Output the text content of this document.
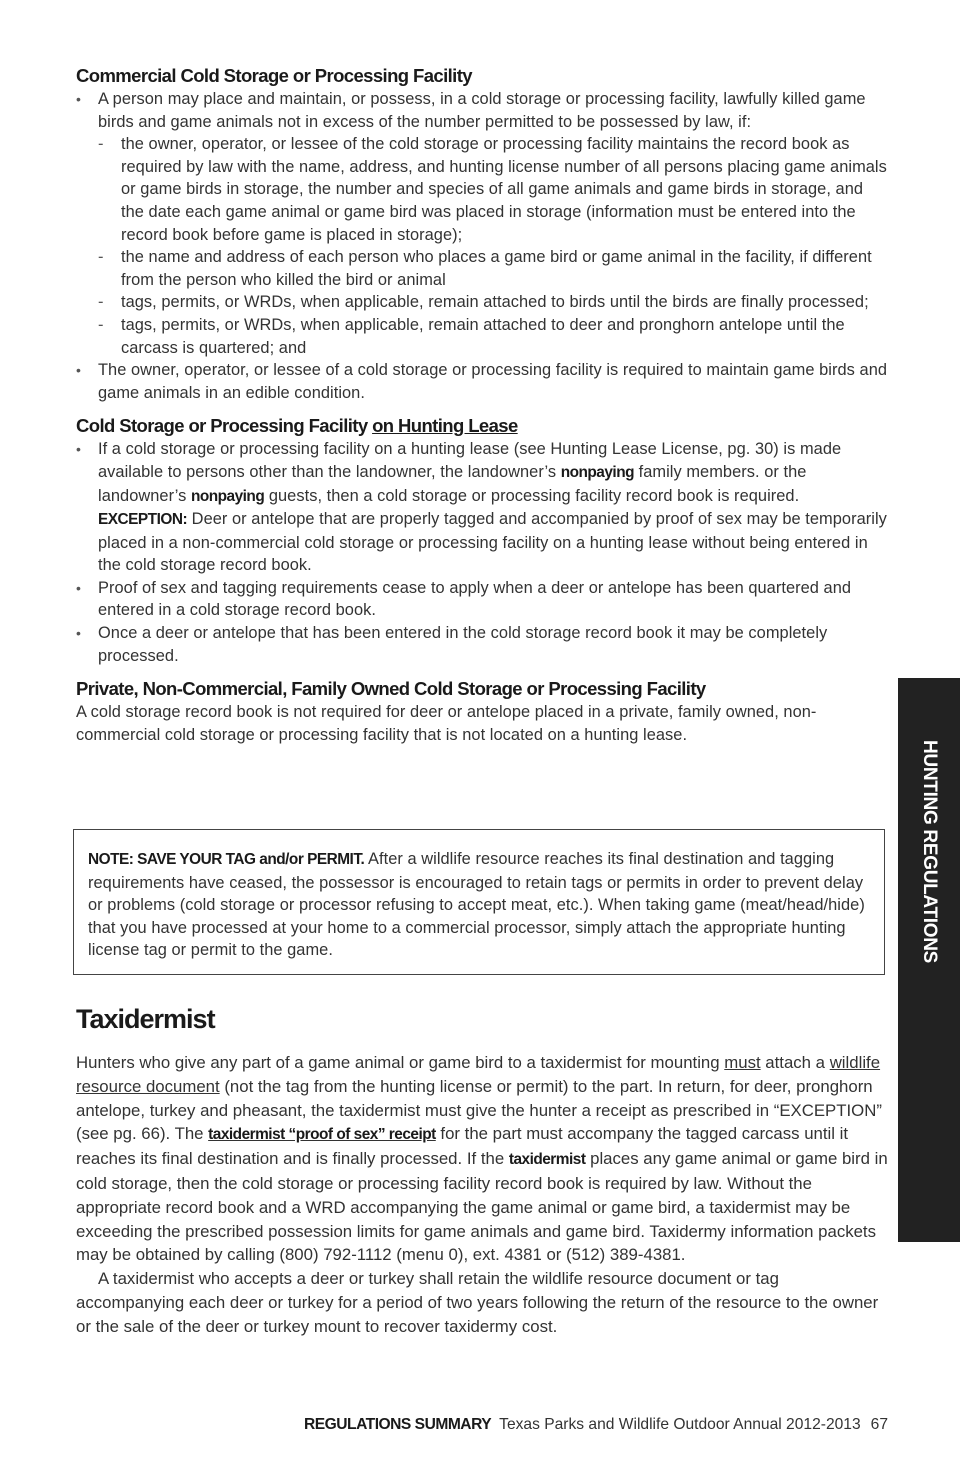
Commercial Cold Storage or Processing Facility
• A person may place and maintain, or possess, in a cold storage or processing facility, lawfully killed game birds and game animals not in excess of the number permitted to be possessed by law, if:
- the owner, operator, or lessee of the cold storage or processing facility maintains the record book as required by law with the name, address, and hunting license number of all persons placing game animals or game birds in storage, the number and species of all game animals and game birds in storage, and the date each game animal or game bird was placed in storage (information must be entered into the record book before game is placed in storage);
- the name and address of each person who places a game bird or game animal in the facility, if different from the person who killed the bird or animal
- tags, permits, or WRDs, when applicable, remain attached to birds until the birds are finally processed;
- tags, permits, or WRDs, when applicable, remain attached to deer and pronghorn antelope until the carcass is quartered; and
• The owner, operator, or lessee of a cold storage or processing facility is required to maintain game birds and game animals in an edible condition.
Cold Storage or Processing Facility on Hunting Lease
• If a cold storage or processing facility on a hunting lease (see Hunting Lease License, pg. 30) is made available to persons other than the landowner, the landowner’s nonpaying family members. or the landowner’s nonpaying guests, then a cold storage or processing facility record book is required. EXCEPTION: Deer or antelope that are properly tagged and accompanied by proof of sex may be temporarily placed in a non-commercial cold storage or processing facility on a hunting lease without being entered in the cold storage record book.
• Proof of sex and tagging requirements cease to apply when a deer or antelope has been quartered and entered in a cold storage record book.
• Once a deer or antelope that has been entered in the cold storage record book it may be completely processed.
Private, Non-Commercial, Family Owned Cold Storage or Processing Facility
A cold storage record book is not required for deer or antelope placed in a private, family owned, non-commercial cold storage or processing facility that is not located on a hunting lease.
NOTE: SAVE YOUR TAG and/or PERMIT. After a wildlife resource reaches its final destination and tagging requirements have ceased, the possessor is encouraged to retain tags or permits in order to prevent delay or problems (cold storage or processor refusing to accept meat, etc.). When taking game (meat/head/hide) that you have processed at your home to a commercial processor, simply attach the appropriate hunting license tag or permit to the game.
Taxidermist

Hunters who give any part of a game animal or game bird to a taxidermist for mounting must attach a wildlife resource document (not the tag from the hunting license or permit) to the part. In return, for deer, pronghorn antelope, turkey and pheasant, the taxidermist must give the hunter a receipt as prescribed in “EXCEPTION” (see pg. 66). The taxidermist “proof of sex” receipt for the part must accompany the tagged carcass until it reaches its final destination and is finally processed. If the taxidermist places any game animal or game bird in cold storage, then the cold storage or processing facility record book is required by law. Without the appropriate record book and a WRD accompanying the game animal or game bird, a taxidermist may be exceeding the prescribed possession limits for game animals and game bird. Taxidermy information packets may be obtained by calling (800) 792-1112 (menu 0), ext. 4381 or (512) 389-4381.

A taxidermist who accepts a deer or turkey shall retain the wildlife resource document or tag accompanying each deer or turkey for a period of two years following the return of the resource to the owner or the sale of the deer or turkey mount to recover taxidermy cost.

HUNTING REGULATIONS
REGULATIONS SUMMARY Texas Parks and Wildlife Outdoor Annual 2012-2013 67
